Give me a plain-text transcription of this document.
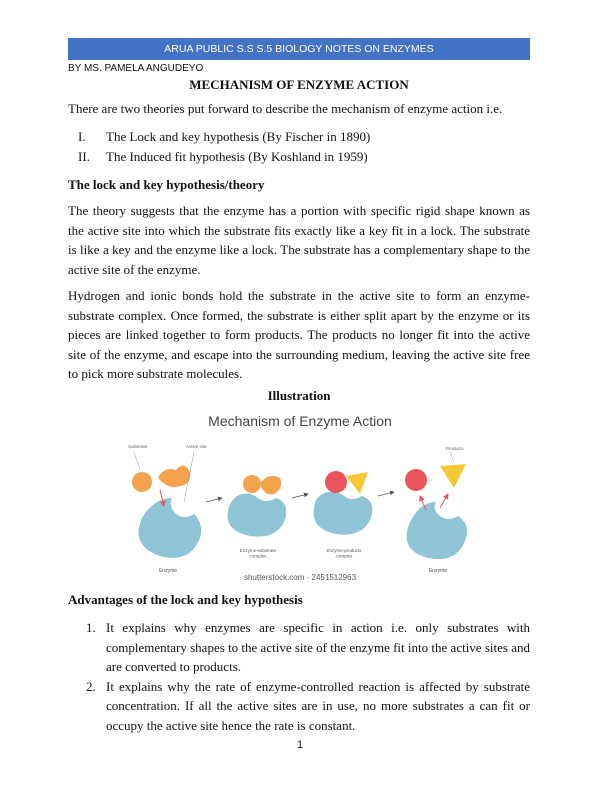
ARUA PUBLIC S.S S.5 BIOLOGY NOTES ON ENZYMES
BY MS. PAMELA ANGUDEYO
MECHANISM OF ENZYME ACTION

There are two theories put forward to describe the mechanism of enzyme action i.e.

I.	The Lock and key hypothesis (By Fischer in 1890)
II.	The Induced fit hypothesis (By Koshland in 1959)
The lock and key hypothesis/theory

The theory suggests that the enzyme has a portion with specific rigid shape known as the active site into which the substrate fits exactly like a key fit in a lock. The substrate is like a key and the enzyme like a lock. The substrate has a complementary shape to the active site of the enzyme.

Hydrogen and ionic bonds hold the substrate in the active site to form an enzyme-substrate complex. Once formed, the substrate is either split apart by the enzyme or its pieces are linked together to form products. The products no longer fit into the active site of the enzyme, and escape into the surrounding medium, leaving the active site free to pick more substrate molecules.

Illustration
Mechanism of Enzyme Action
Substrate	Active site
Enzyme
Enzyme-substrate complex
Enzyme-products complex
Products
Enzyme
shutterstock.com · 2451512963
Advantages of the lock and key hypothesis
1. It explains why enzymes are specific in action i.e. only substrates with complementary shapes to the active site of the enzyme fit into the active sites and are converted to products.
2. It explains why the rate of enzyme-controlled reaction is affected by substrate concentration. If all the active sites are in use, no more substrates a can fit or occupy the active site hence the rate is constant.
1
